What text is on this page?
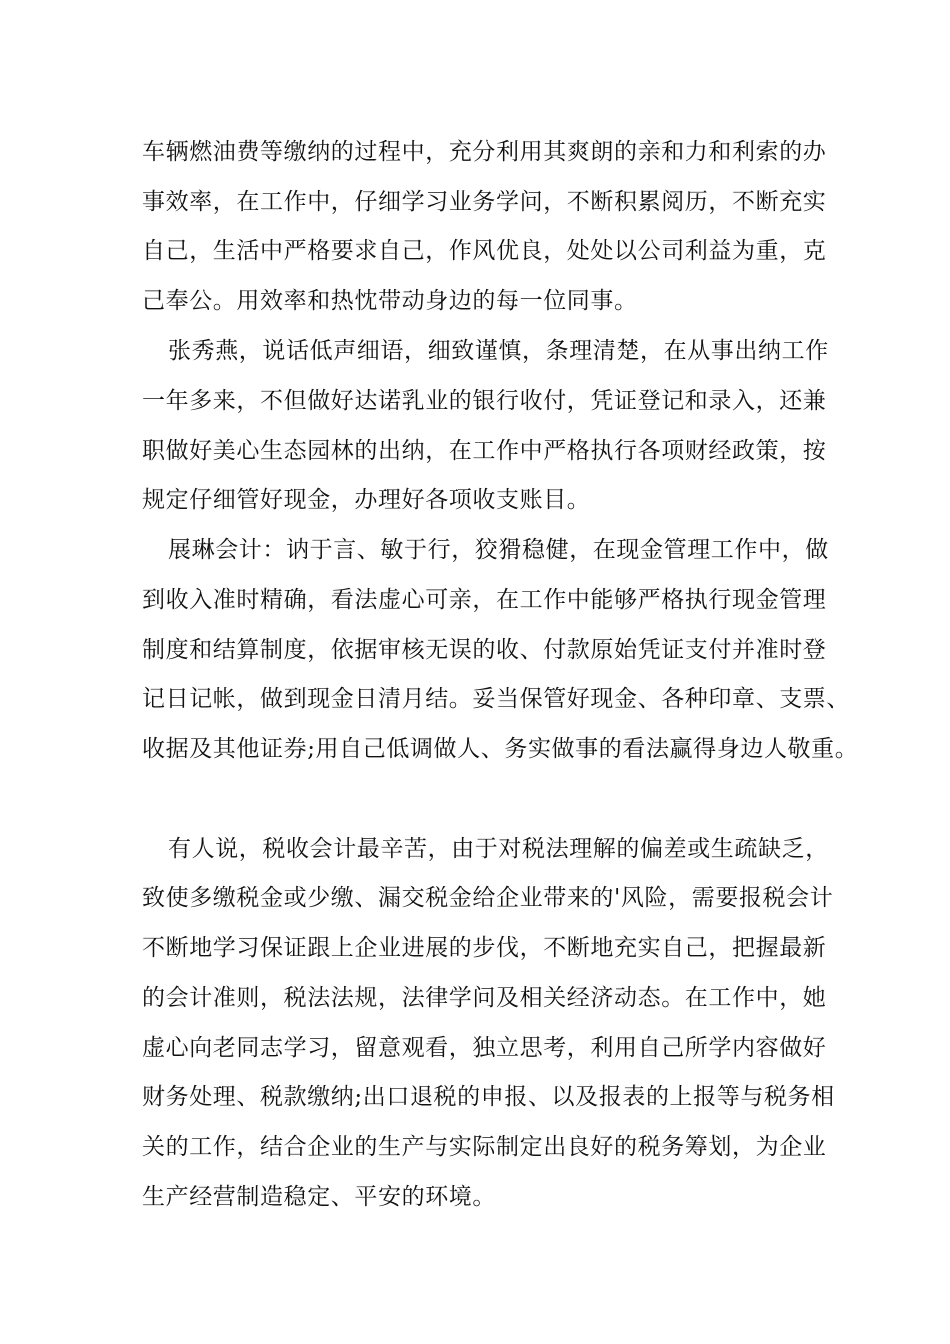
车辆燃油费等缴纳的过程中，充分利用其爽朗的亲和力和利索的办
事效率，在工作中，仔细学习业务学问，不断积累阅历，不断充实
自己，生活中严格要求自己，作风优良，处处以公司利益为重，克
己奉公。用效率和热忱带动身边的每一位同事。
张秀燕，说话低声细语，细致谨慎，条理清楚，在从事出纳工作
一年多来，不但做好达诺乳业的银行收付，凭证登记和录入，还兼
职做好美心生态园林的出纳，在工作中严格执行各项财经政策，按
规定仔细管好现金，办理好各项收支账目。
展琳会计：讷于言、敏于行，狡猾稳健，在现金管理工作中，做
到收入准时精确，看法虚心可亲，在工作中能够严格执行现金管理
制度和结算制度，依据审核无误的收、付款原始凭证支付并准时登
记日记帐，做到现金日清月结。妥当保管好现金、各种印章、支票、
收据及其他证券;用自己低调做人、务实做事的看法赢得身边人敬重。
有人说，税收会计最辛苦，由于对税法理解的偏差或生疏缺乏，
致使多缴税金或少缴、漏交税金给企业带来的'风险，需要报税会计
不断地学习保证跟上企业进展的步伐，不断地充实自己，把握最新
的会计准则，税法法规，法律学问及相关经济动态。在工作中，她
虚心向老同志学习，留意观看，独立思考，利用自己所学内容做好
财务处理、税款缴纳;出口退税的申报、以及报表的上报等与税务相
关的工作，结合企业的生产与实际制定出良好的税务筹划，为企业
生产经营制造稳定、平安的环境。
